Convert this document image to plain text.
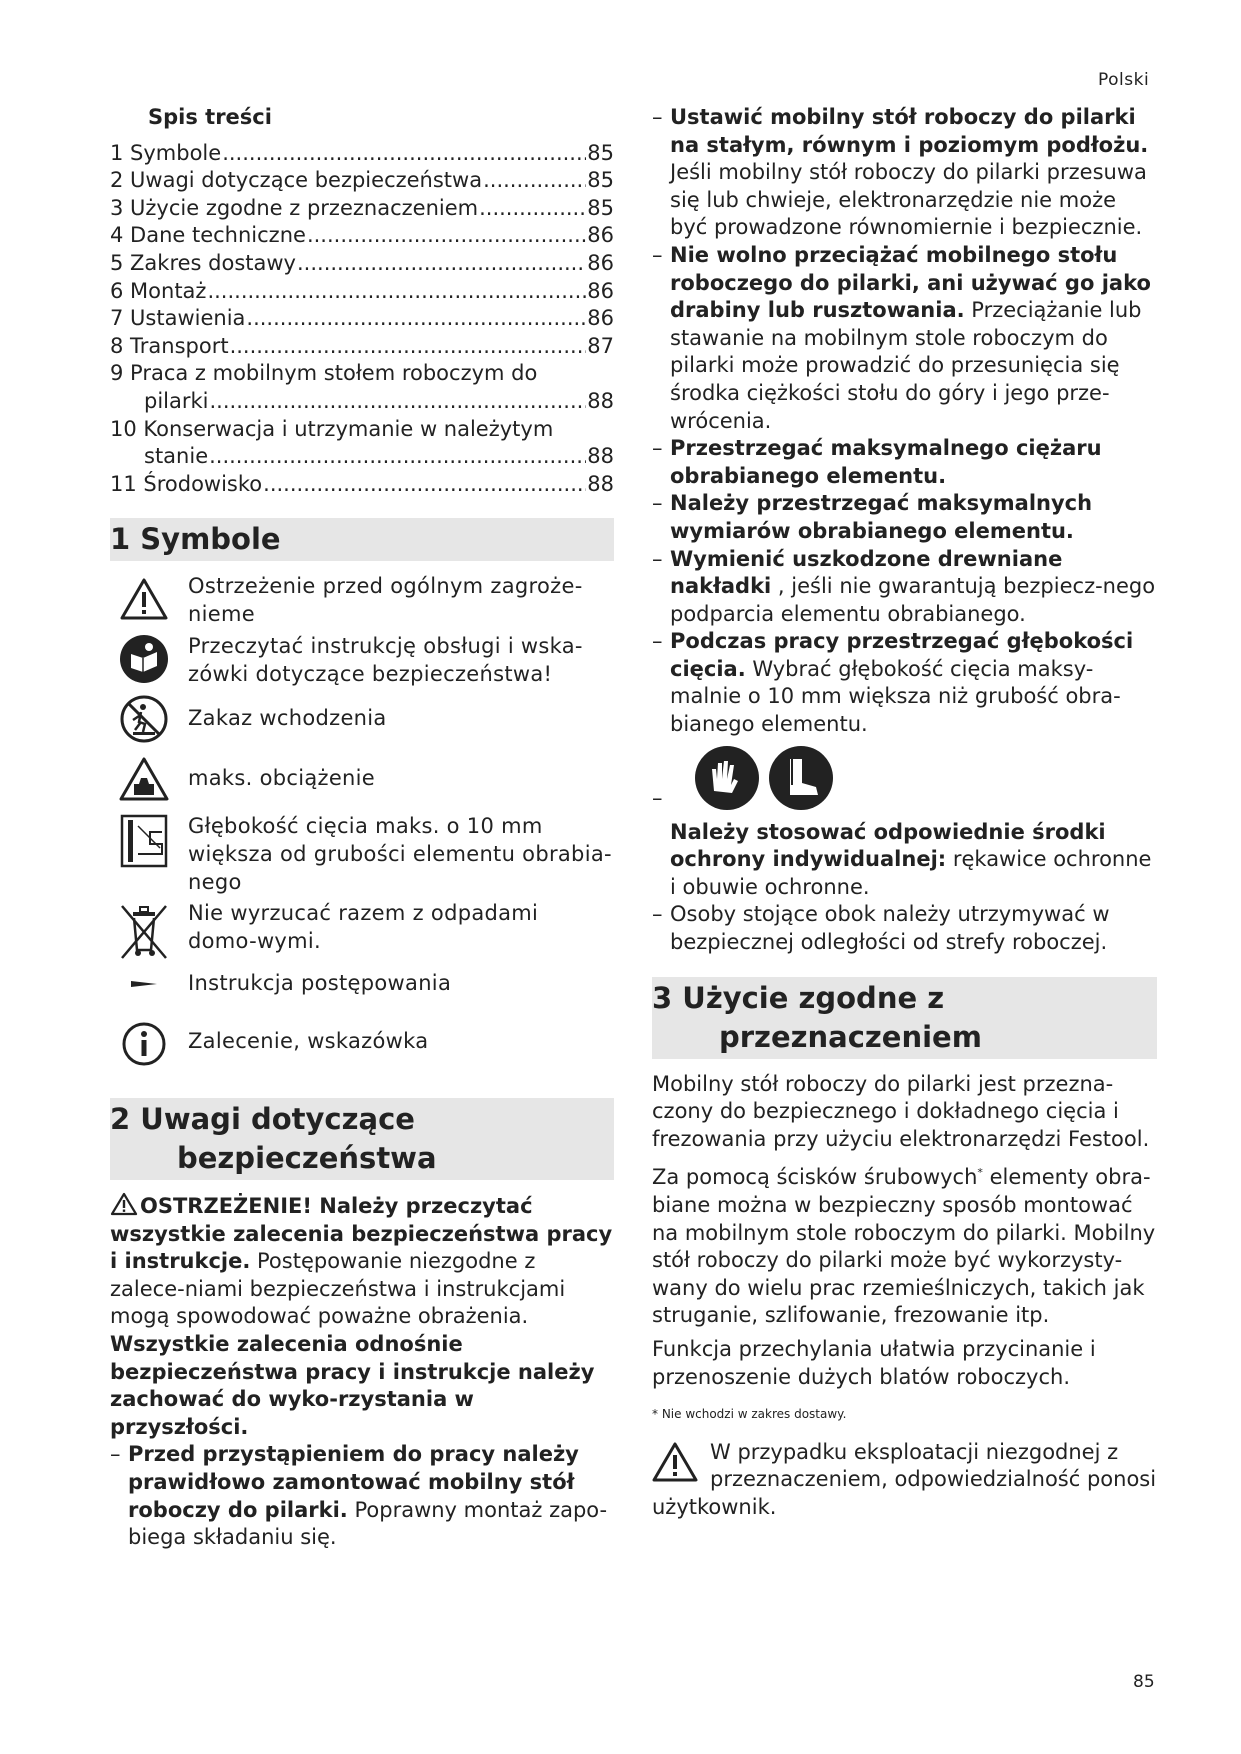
Polski
Spis treści
1 Symbole .....	85
2 Uwagi dotyczące bezpieczeństwa .....	85
3 Użycie zgodne z przeznaczeniem .....	85
4 Dane techniczne .....	86
5 Zakres dostawy .....	86
6 Montaż .....	86
7 Ustawienia .....	86
8 Transport .....	87
9 Praca z mobilnym stołem roboczym do
pilarki .....	88
10 Konserwacja i utrzymanie w należytym
stanie .....	88
11 Środowisko .....	88
1 Symbole
Ostrzeżenie przed ogólnym zagroże-nieme
Przeczytać instrukcję obsługi i wska-zówki dotyczące bezpieczeństwa!
Zakaz wchodzenia
maks. obciążenie
Głębokość cięcia maks. o 10 mm większa od grubości elementu obrabia-nego
Nie wyrzucać razem z odpadami domo-wymi.
Instrukcja postępowania
Zalecenie, wskazówka
2 Uwagi dotyczące
bezpieczeństwa
OSTRZEŻENIE! Należy przeczytać wszystkie zalecenia bezpieczeństwa pracy i instrukcje. Postępowanie niezgodne z zalece-niami bezpieczeństwa i instrukcjami mogą spowodować poważne obrażenia.

Wszystkie zalecenia odnośnie bezpieczeństwa pracy i instrukcje należy zachować do wyko-rzystania w przyszłości.

– Przed przystąpieniem do pracy należy prawidłowo zamontować mobilny stół roboczy do pilarki. Poprawny montaż zapo-biega składaniu się.
– Ustawić mobilny stół roboczy do pilarki na stałym, równym i poziomym podłożu. Jeśli mobilny stół roboczy do pilarki przesuwa się lub chwieje, elektronarzędzie nie może być prowadzone równomiernie i bezpiecznie.
– Nie wolno przeciążać mobilnego stołu roboczego do pilarki, ani używać go jako drabiny lub rusztowania. Przeciążanie lub stawanie na mobilnym stole roboczym do pilarki może prowadzić do przesunięcia się środka ciężkości stołu do góry i jego prze-wrócenia.
– Przestrzegać maksymalnego ciężaru obrabianego elementu.
– Należy przestrzegać maksymalnych wymiarów obrabianego elementu.
– Wymienić uszkodzone drewniane nakładki , jeśli nie gwarantują bezpiecz-nego podparcia elementu obrabianego.
– Podczas pracy przestrzegać głębokości cięcia. Wybrać głębokość cięcia maksy-malnie o 10 mm większa niż grubość obra-bianego elementu.
–
Należy stosować odpowiednie środki ochrony indywidualnej: rękawice ochronne i obuwie ochronne.
– Osoby stojące obok należy utrzymywać w bezpiecznej odległości od strefy roboczej.
3 Użycie zgodne z
przeznaczeniem

Mobilny stół roboczy do pilarki jest przezna-czony do bezpiecznego i dokładnego cięcia i frezowania przy użyciu elektronarzędzi Festool.

Za pomocą ścisków śrubowych* elementy obra-biane można w bezpieczny sposób montować na mobilnym stole roboczym do pilarki. Mobilny stół roboczy do pilarki może być wykorzysty-wany do wielu prac rzemieślniczych, takich jak struganie, szlifowanie, frezowanie itp.

Funkcja przechylania ułatwia przycinanie i przenoszenie dużych blatów roboczych.

* Nie wchodzi w zakres dostawy.

W przypadku eksploatacji niezgodnej z przeznaczeniem, odpowiedzialność ponosi użytkownik.
85
